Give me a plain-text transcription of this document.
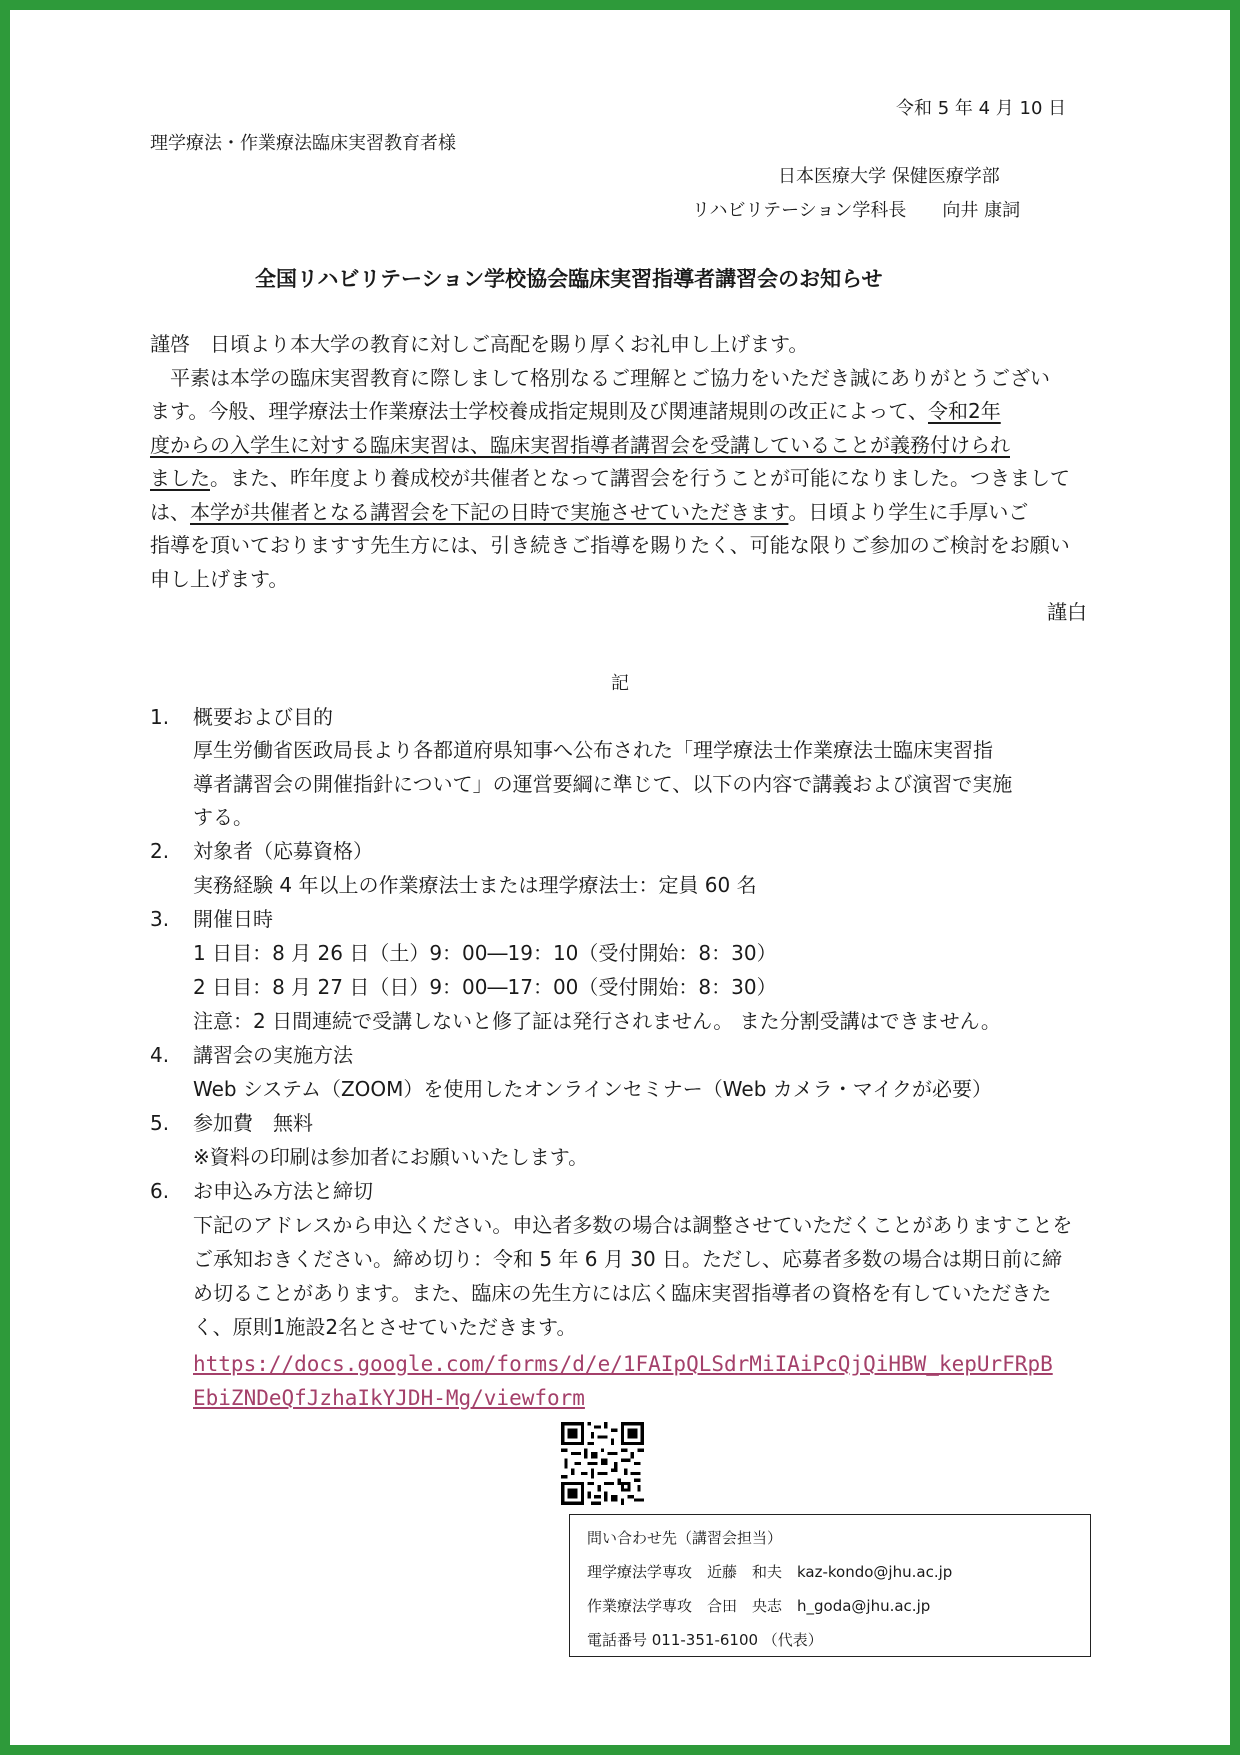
令和 5 年 4 月 10 日
理学療法・作業療法臨床実習教育者様
日本医療大学 保健医療学部
リハビリテーション学科長　　向井 康詞
全国リハビリテーション学校協会臨床実習指導者講習会のお知らせ
謹啓　日頃より本大学の教育に対しご高配を賜り厚くお礼申し上げます。
　平素は本学の臨床実習教育に際しまして格別なるご理解とご協力をいただき誠にありがとうござい
ます。今般、理学療法士作業療法士学校養成指定規則及び関連諸規則の改正によって、令和2年
度からの入学生に対する臨床実習は、臨床実習指導者講習会を受講していることが義務付けられ
ました。また、昨年度より養成校が共催者となって講習会を行うことが可能になりました。つきまして
は、本学が共催者となる講習会を下記の日時で実施させていただきます。日頃より学生に手厚いご
指導を頂いておりますす先生方には、引き続きご指導を賜りたく、可能な限りご参加のご検討をお願い
申し上げます。
謹白
記
1. 概要および目的
厚生労働省医政局長より各都道府県知事へ公布された「理学療法士作業療法士臨床実習指
導者講習会の開催指針について」の運営要綱に準じて、以下の内容で講義および演習で実施
する。
2. 対象者（応募資格）
実務経験 4 年以上の作業療法士または理学療法士：定員 60 名
3. 開催日時
1 日目：8 月 26 日（土）9：00―19：10（受付開始：8：30）
2 日目：8 月 27 日（日）9：00―17：00（受付開始：8：30）
注意：2 日間連続で受講しないと修了証は発行されません。 また分割受講はできません。
4. 講習会の実施方法
Web システム（ZOOM）を使用したオンラインセミナー（Web カメラ・マイクが必要）
5. 参加費　無料
※資料の印刷は参加者にお願いいたします。
6. お申込み方法と締切
下記のアドレスから申込ください。申込者多数の場合は調整させていただくことがありますことを
ご承知おきください。締め切り：令和 5 年 6 月 30 日。ただし、応募者多数の場合は期日前に締
め切ることがあります。また、臨床の先生方には広く臨床実習指導者の資格を有していただきた
く、原則1施設2名とさせていただきます。
https://docs.google.com/forms/d/e/1FAIpQLSdrMiIAiPcQjQiHBW_kepUrFRpB
EbiZNDeQfJzhaIkYJDH-Mg/viewform
問い合わせ先（講習会担当）
理学療法学専攻　近藤　和夫　kaz-kondo@jhu.ac.jp
作業療法学専攻　合田　央志　h_goda@jhu.ac.jp
電話番号 011-351-6100 （代表）
